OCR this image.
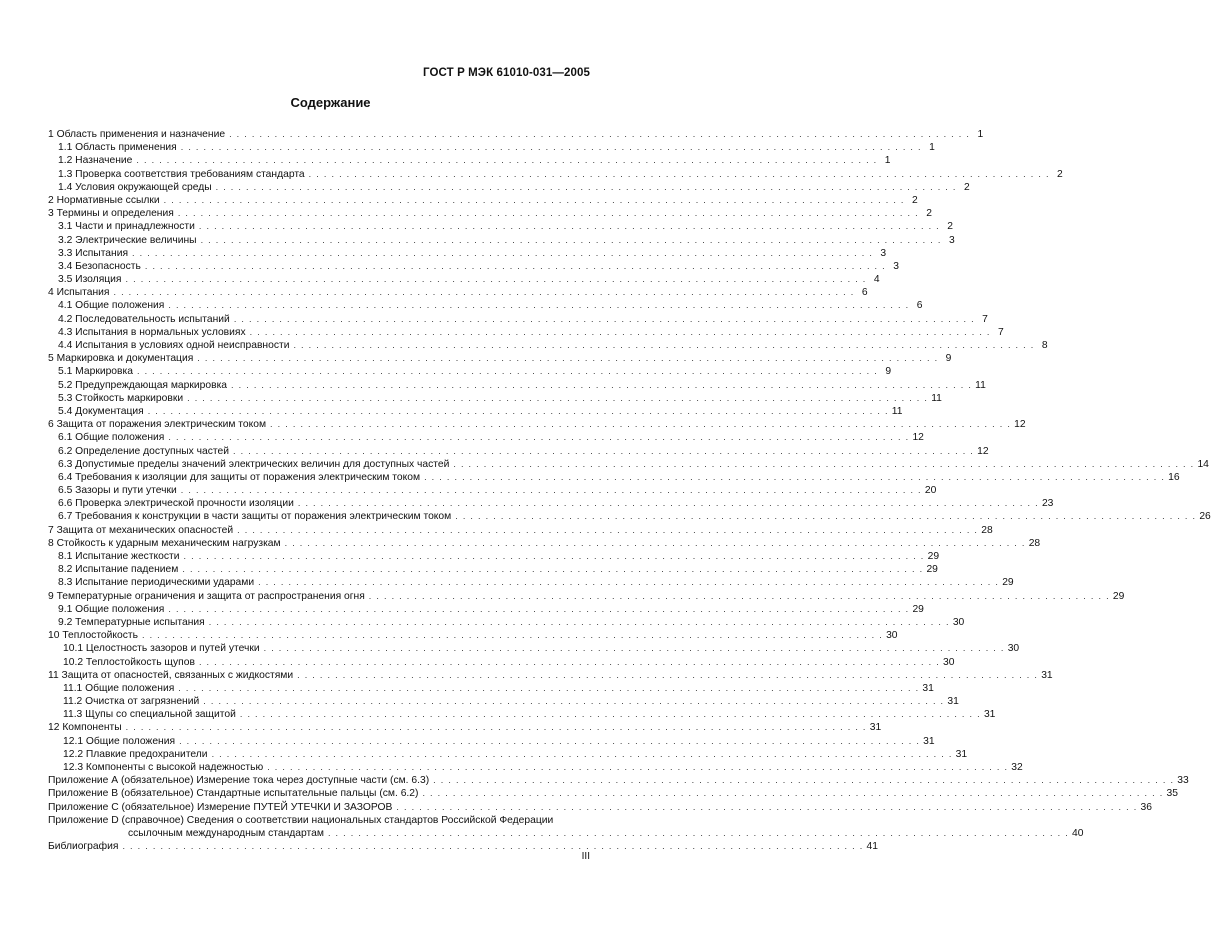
ГОСТ Р МЭК 61010-031—2005
Содержание
1 Область применения и назначение . . .	1
1.1 Область применения . . .	1
1.2 Назначение . . .	1
1.3 Проверка соответствия требованиям стандарта . . .	2
1.4 Условия окружающей среды . . .	2
2 Нормативные ссылки . . .	2
3 Термины и определения . . .	2
3.1 Части и принадлежности . . .	2
3.2 Электрические величины . . .	3
3.3 Испытания . . .	3
3.4 Безопасность . . .	3
3.5 Изоляция . . .	4
4 Испытания . . .	6
4.1 Общие положения . . .	6
4.2 Последовательность испытаний . . .	7
4.3 Испытания в нормальных условиях . . .	7
4.4 Испытания в условиях одной неисправности . . .	8
5 Маркировка и документация . . .	9
5.1 Маркировка . . .	9
5.2 Предупреждающая маркировка . . .	11
5.3 Стойкость маркировки . . .	11
5.4 Документация . . .	11
6 Защита от поражения электрическим током . . .	12
6.1 Общие положения . . .	12
6.2 Определение доступных частей . . .	12
6.3 Допустимые пределы значений электрических величин для доступных частей . . .	14
6.4 Требования к изоляции для защиты от поражения электрическим током . . .	16
6.5 Зазоры и пути утечки . . .	20
6.6 Проверка электрической прочности изоляции . . .	23
6.7 Требования к конструкции в части защиты от поражения электрическим током . . .	26
7 Защита от механических опасностей . . .	28
8 Стойкость к ударным механическим нагрузкам . . .	28
8.1 Испытание жесткости . . .	29
8.2 Испытание падением . . .	29
8.3 Испытание периодическими ударами . . .	29
9 Температурные ограничения и защита от распространения огня . . .	29
9.1 Общие положения . . .	29
9.2 Температурные испытания . . .	30
10 Теплостойкость . . .	30
10.1 Целостность зазоров и путей утечки . . .	30
10.2 Теплостойкость щупов . . .	30
11 Защита от опасностей, связанных с жидкостями . . .	31
11.1 Общие положения . . .	31
11.2 Очистка от загрязнений . . .	31
11.3 Щупы со специальной защитой . . .	31
12 Компоненты . . .	31
12.1 Общие положения . . .	31
12.2 Плавкие предохранители . . .	31
12.3 Компоненты с высокой надежностью . . .	32
Приложение А (обязательное) Измерение тока через доступные части (см. 6.3) . . .	33
Приложение В (обязательное) Стандартные испытательные пальцы (см. 6.2) . . .	35
Приложение С (обязательное) Измерение ПУТЕЙ УТЕЧКИ И ЗАЗОРОВ . . .	36
Приложение D (справочное) Сведения о соответствии национальных стандартов Российской Федерации
ссылочным международным стандартам . . .	40
Библиография . . .	41
III
